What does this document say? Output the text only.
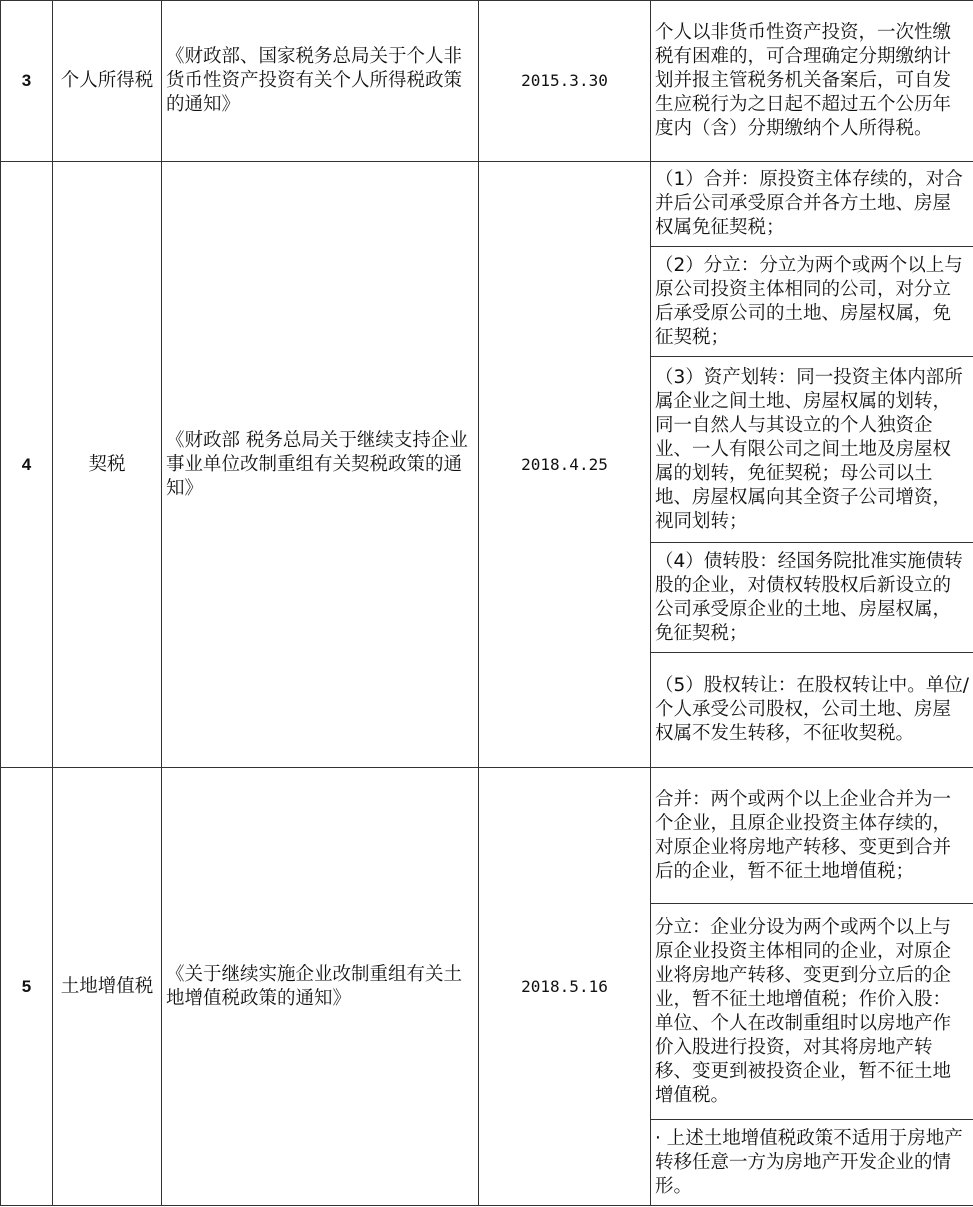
3	个人所得税	《财政部、国家税务总局关于个人非货币性资产投资有关个人所得税政策的通知》	2015.3.30	个人以非货币性资产投资，一次性缴税有困难的，可合理确定分期缴纳计划并报主管税务机关备案后，可自发生应税行为之日起不超过五个公历年度内（含）分期缴纳个人所得税。
4	契税	《财政部 税务总局关于继续支持企业事业单位改制重组有关契税政策的通知》	2018.4.25	（1）合并：原投资主体存续的，对合并后公司承受原合并各方土地、房屋权属免征契税；
				（2）分立：分立为两个或两个以上与原公司投资主体相同的公司，对分立后承受原公司的土地、房屋权属，免征契税；
				（3）资产划转：同一投资主体内部所属企业之间土地、房屋权属的划转，同一自然人与其设立的个人独资企业、一人有限公司之间土地及房屋权属的划转，免征契税；母公司以土地、房屋权属向其全资子公司增资，视同划转；
				（4）债转股：经国务院批准实施债转股的企业，对债权转股权后新设立的公司承受原企业的土地、房屋权属，免征契税；
				（5）股权转让：在股权转让中。单位/个人承受公司股权，公司土地、房屋权属不发生转移，不征收契税。
5	土地增值税	《关于继续实施企业改制重组有关土地增值税政策的通知》	2018.5.16	合并：两个或两个以上企业合并为一个企业，且原企业投资主体存续的，对原企业将房地产转移、变更到合并后的企业，暂不征土地增值税；
				分立：企业分设为两个或两个以上与原企业投资主体相同的企业，对原企业将房地产转移、变更到分立后的企业，暂不征土地增值税；作价入股：单位、个人在改制重组时以房地产作价入股进行投资，对其将房地产转移、变更到被投资企业，暂不征土地增值税。
				· 上述土地增值税政策不适用于房地产转移任意一方为房地产开发企业的情形。
